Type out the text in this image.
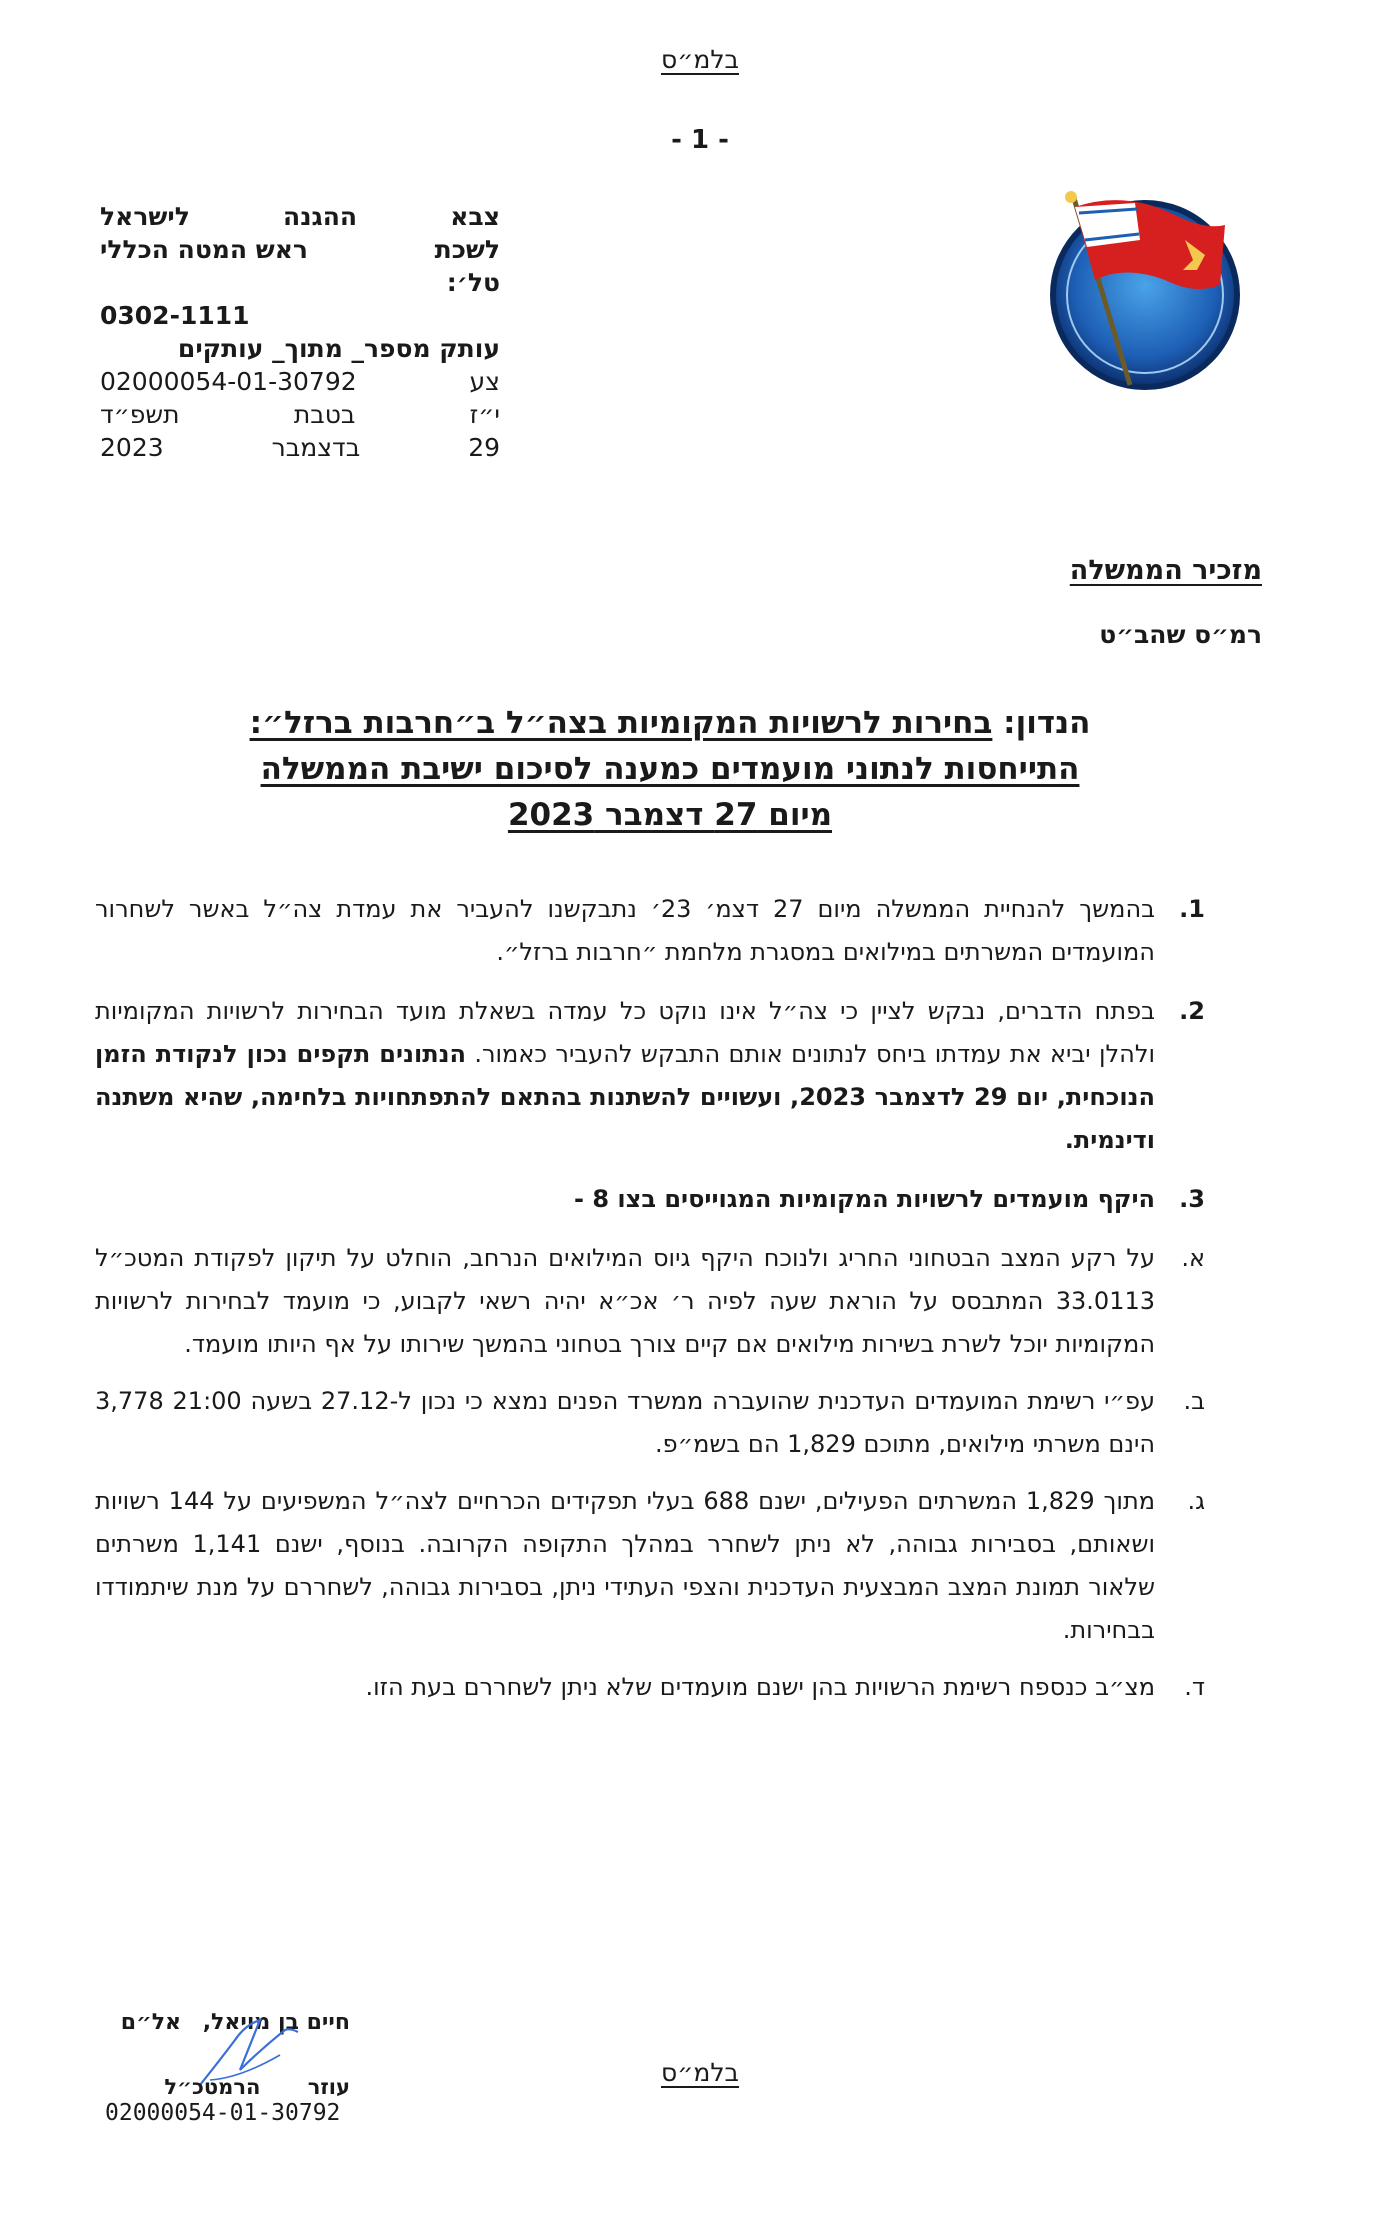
בלמ״ס
- 1 -
צבא
ההגנה
לישראל
לשכת
ראש המטה הכללי
טל׳:
0302-1111
עותק מספר_ מתוך_ עותקים
צע
02000054-01-30792
י״ז
בטבת
תשפ״ד
29
בדצמבר
2023
מזכיר הממשלה
רמ״ס שהב״ט
הנדון: בחירות לרשויות המקומיות בצה״ל ב״חרבות ברזל״:
התייחסות לנתוני מועמדים כמענה לסיכום ישיבת הממשלה
מיום 27 דצמבר 2023
1.
בהמשך להנחיית הממשלה מיום 27 דצמ׳ 23׳ נתבקשנו להעביר את עמדת צה״ל באשר לשחרור המועמדים המשרתים במילואים במסגרת מלחמת ״חרבות ברזל״.
2.
בפתח הדברים, נבקש לציין כי צה״ל אינו נוקט כל עמדה בשאלת מועד הבחירות לרשויות המקומיות ולהלן יביא את עמדתו ביחס לנתונים אותם התבקש להעביר כאמור. הנתונים תקפים נכון לנקודת הזמן הנוכחית, יום 29 לדצמבר 2023, ועשויים להשתנות בהתאם להתפתחויות בלחימה, שהיא משתנה ודינמית.
3.
היקף מועמדים לרשויות המקומיות המגוייסים בצו 8 -
א.
על רקע המצב הבטחוני החריג ולנוכח היקף גיוס המילואים הנרחב, הוחלט על תיקון לפקודת המטכ״ל 33.0113 המתבסס על הוראת שעה לפיה ר׳ אכ״א יהיה רשאי לקבוע, כי מועמד לבחירות לרשויות המקומיות יוכל לשרת בשירות מילואים אם קיים צורך בטחוני בהמשך שירותו על אף היותו מועמד.
ב.
עפ״י רשימת המועמדים העדכנית שהועברה ממשרד הפנים נמצא כי נכון ל-27.12 בשעה 21:00 3,778 הינם משרתי מילואים, מתוכם 1,829 הם בשמ״פ.
ג.
מתוך 1,829 המשרתים הפעילים, ישנם 688 בעלי תפקידים הכרחיים לצה״ל המשפיעים על 144 רשויות ושאותם, בסבירות גבוהה, לא ניתן לשחרר במהלך התקופה הקרובה. בנוסף, ישנם 1,141 משרתים שלאור תמונת המצב המבצעית העדכנית והצפי העתידי ניתן, בסבירות גבוהה, לשחררם על מנת שיתמודדו בבחירות.
ד.
מצ״ב כנספח רשימת הרשויות בהן ישנם מועמדים שלא ניתן לשחררם בעת הזו.
חיים בן מויאל, אל״ם
עוזר הרמטכ״ל
02000054-01-30792
בלמ״ס
